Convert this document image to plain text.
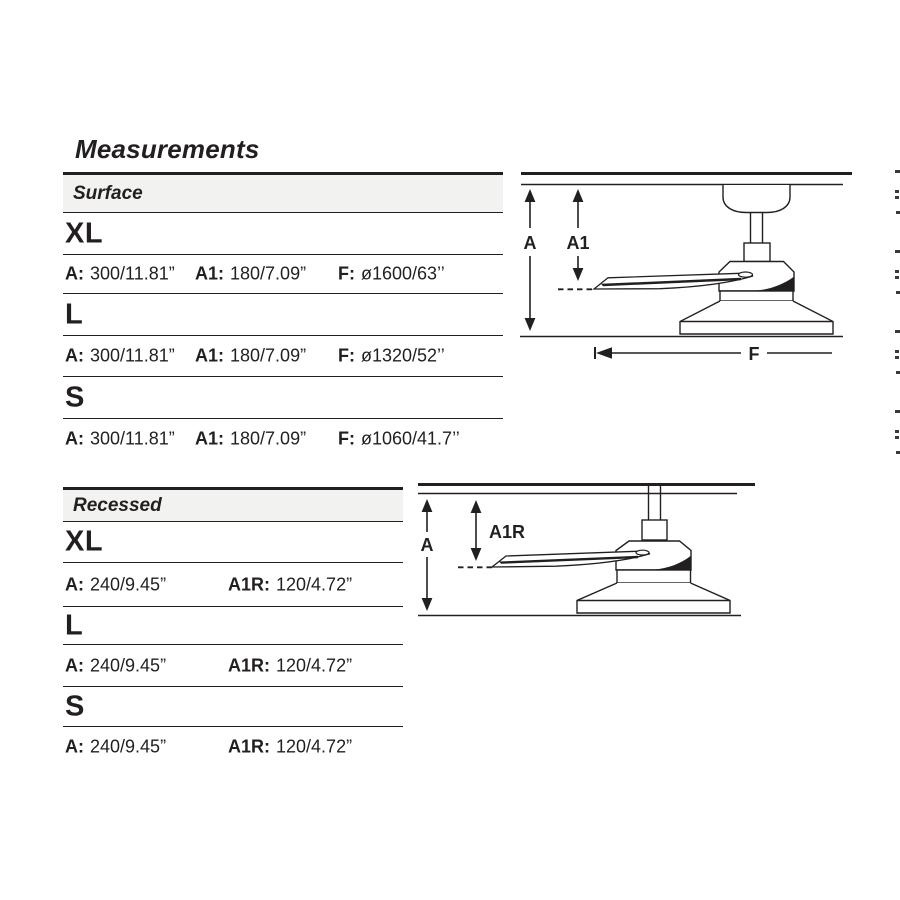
Measurements
Surface
XL
A: 300/11.81” A1: 180/7.09” F: ø1600/63’’
L
A: 300/11.81” A1: 180/7.09” F: ø1320/52’’
S
A: 300/11.81” A1: 180/7.09” F: ø1060/41.7’’
Recessed
XL
A: 240/9.45”	A1R: 120/4.72”
L
A: 240/9.45”	A1R: 120/4.72”
S
A: 240/9.45”	A1R: 120/4.72”
A A1
F
A
A1R
